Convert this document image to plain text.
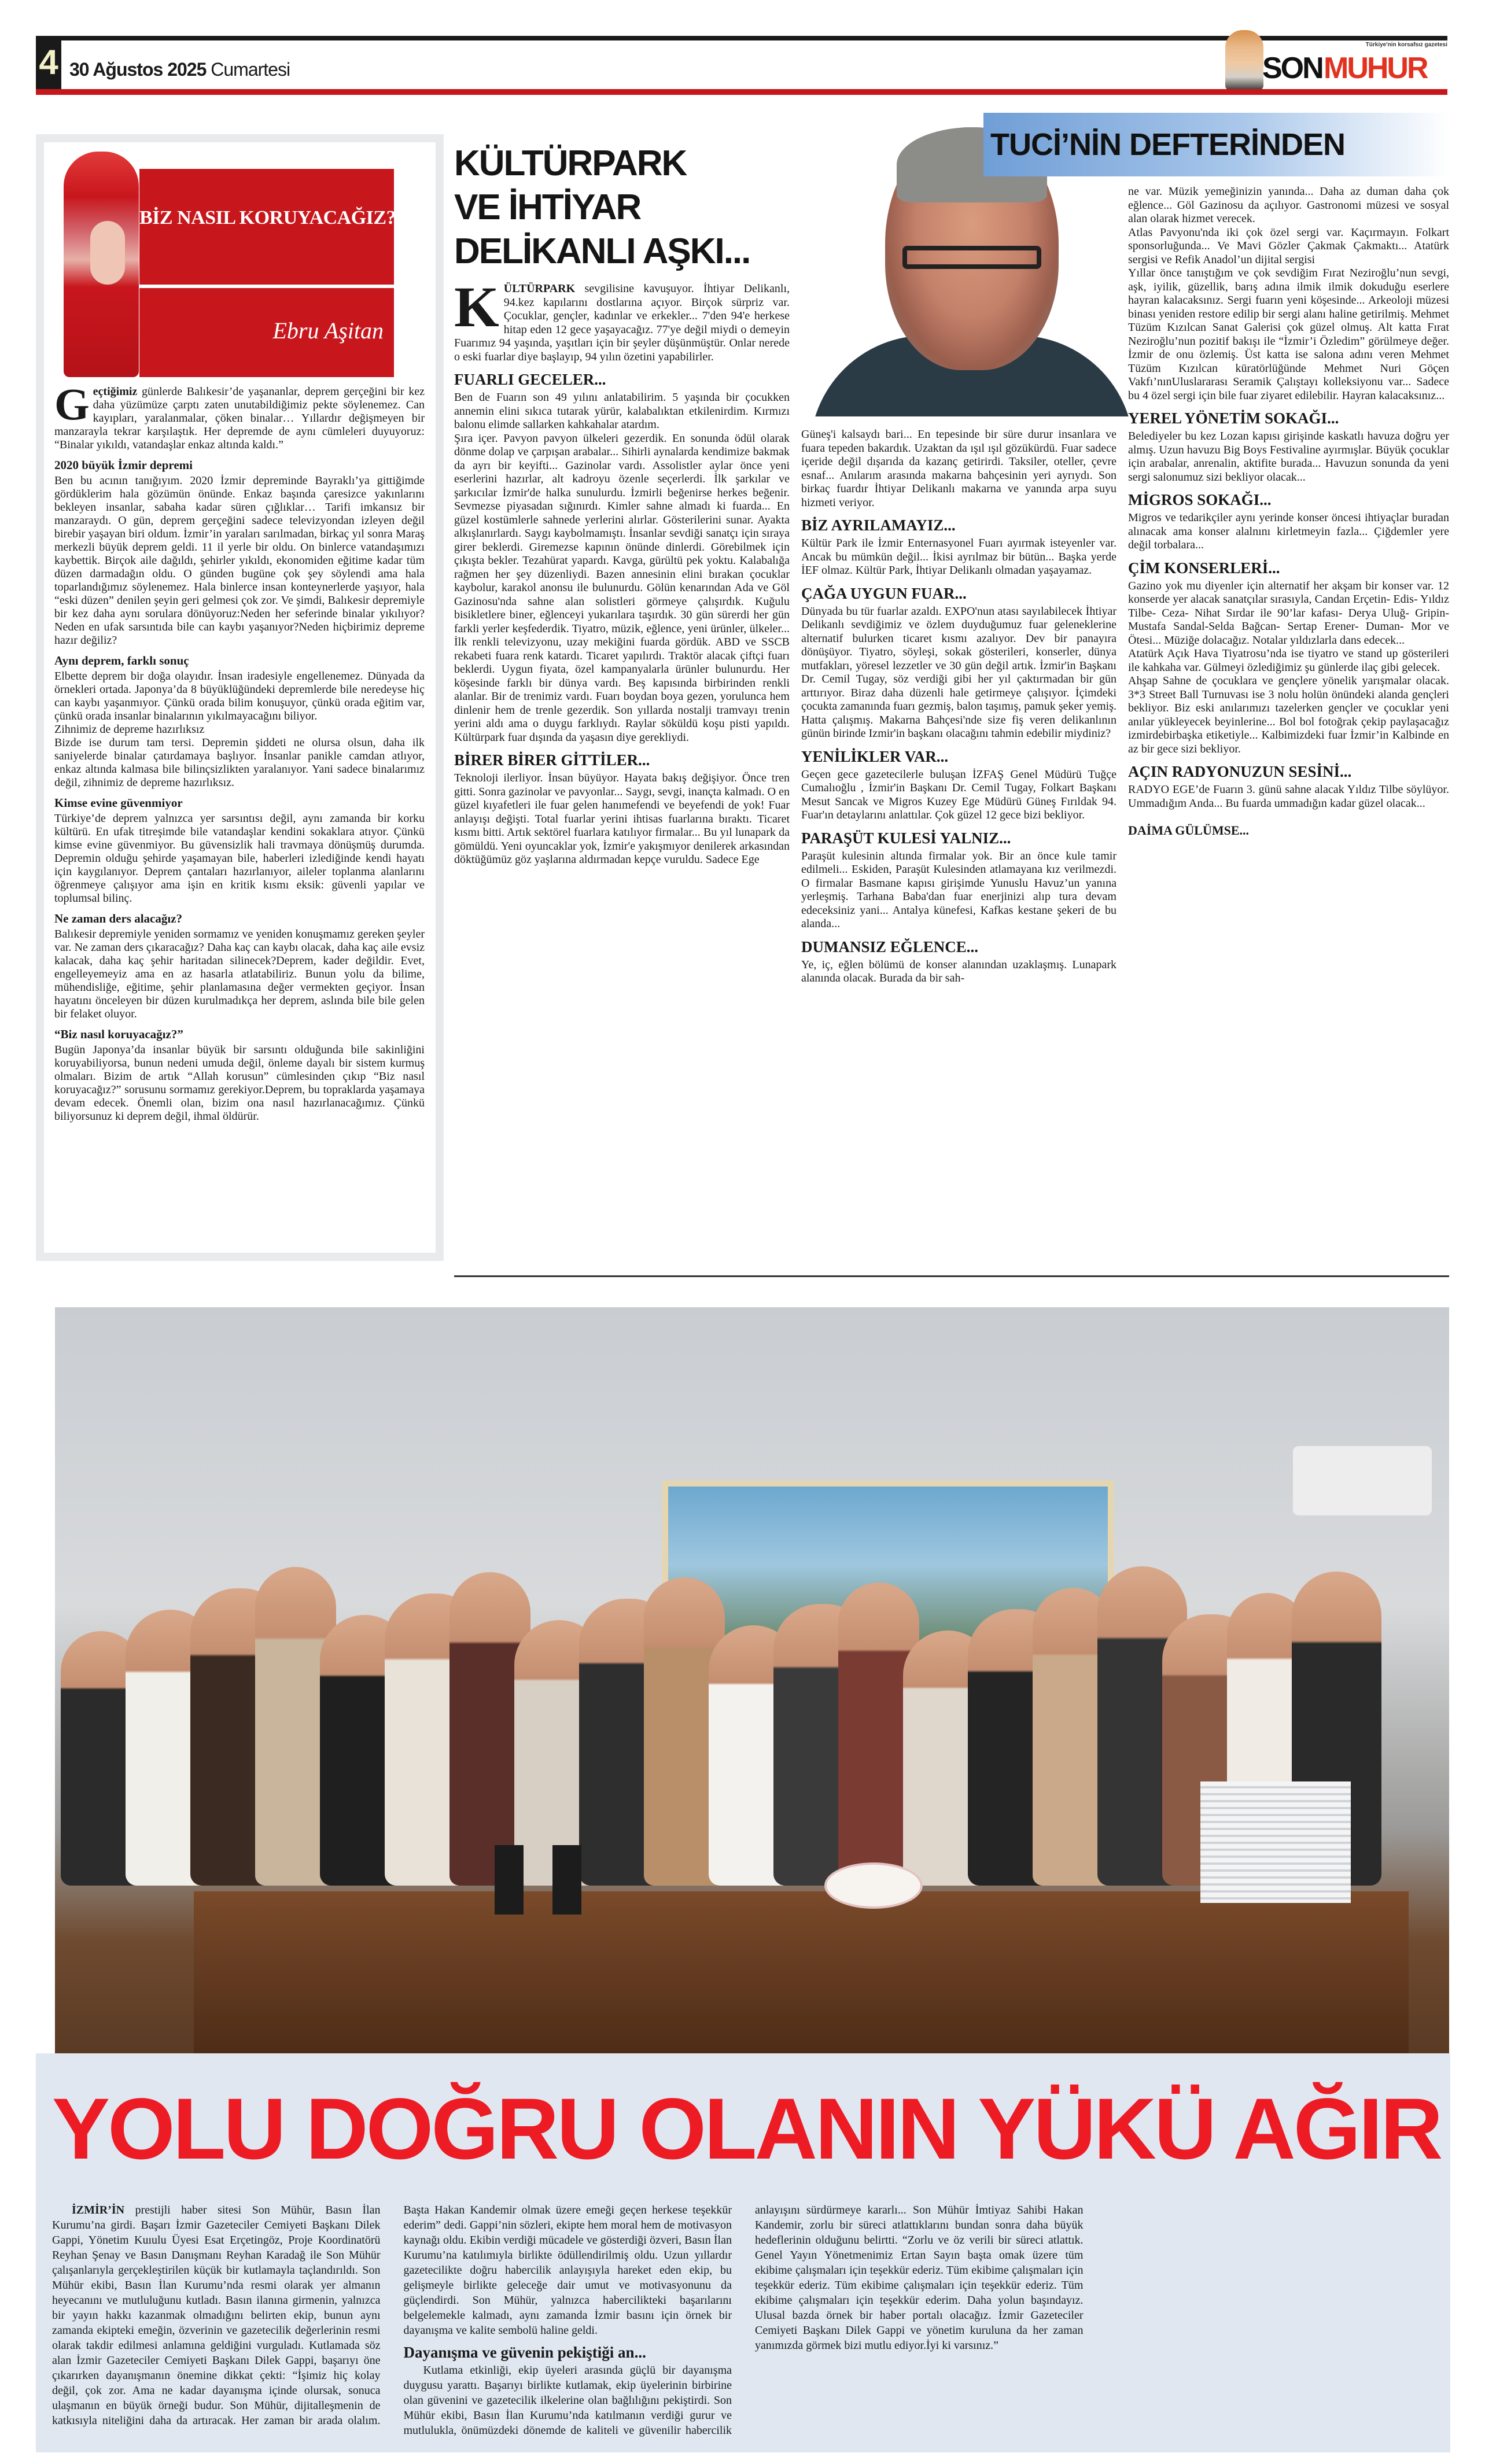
4 30 Ağustos 2025 Cumartesi
Türkiye'nin korsafsız gazetesi
SON MUHUR
BİZ NASIL KORUYACAĞIZ?
Ebru Aşitan

Geçtiğimiz günlerde Balıkesir’de yaşananlar, deprem gerçeğini bir kez daha yüzümüze çarptı zaten unutabildiğimiz pekte söylenemez. Can kayıpları, yaralanmalar, çöken binalar… Yıllardır değişmeyen bir manzarayla tekrar karşılaştık. Her depremde de aynı cümleleri duyuyoruz: “Binalar yıkıldı, vatandaşlar enkaz altında kaldı.”

2020 büyük İzmir depremi

Ben bu acının tanığıyım. 2020 İzmir depreminde Bayraklı’ya gittiğimde gördüklerim hala gözümün önünde. Enkaz başında çaresizce yakınlarını bekleyen insanlar, sabaha kadar süren çığlıklar… Tarifi imkansız bir manzaraydı. O gün, deprem gerçeğini sadece televizyondan izleyen değil birebir yaşayan biri oldum. İzmir’in yaraları sarılmadan, birkaç yıl sonra Maraş merkezli büyük deprem geldi. 11 il yerle bir oldu. On binlerce vatandaşımızı kaybettik. Birçok aile dağıldı, şehirler yıkıldı, ekonomiden eğitime kadar tüm düzen darmadağın oldu. O günden bugüne çok şey söylendi ama hala toparlandığımız söylenemez. Hala binlerce insan konteynerlerde yaşıyor, hala “eski düzen” denilen şeyin geri gelmesi çok zor. Ve şimdi, Balıkesir depremiyle bir kez daha aynı sorulara dönüyoruz:Neden her seferinde binalar yıkılıyor?Neden en ufak sarsıntıda bile can kaybı yaşanıyor?Neden hiçbirimiz depreme hazır değiliz?

Aynı deprem, farklı sonuç

Elbette deprem bir doğa olayıdır. İnsan iradesiyle engellenemez. Dünyada da örnekleri ortada. Japonya’da 8 büyüklüğündeki depremlerde bile neredeyse hiç can kaybı yaşanmıyor. Çünkü orada bilim konuşuyor, çünkü orada eğitim var, çünkü orada insanlar binalarının yıkılmayacağını biliyor.

Zihnimiz de depreme hazırlıksız

Bizde ise durum tam tersi. Depremin şiddeti ne olursa olsun, daha ilk saniyelerde binalar çatırdamaya başlıyor. İnsanlar panikle camdan atlıyor, enkaz altında kalmasa bile bilinçsizlikten yaralanıyor. Yani sadece binalarımız değil, zihnimiz de depreme hazırlıksız.

Kimse evine güvenmiyor

Türkiye’de deprem yalnızca yer sarsıntısı değil, aynı zamanda bir korku kültürü. En ufak titreşimde bile vatandaşlar kendini sokaklara atıyor. Çünkü kimse evine güvenmiyor. Bu güvensizlik hali travmaya dönüşmüş durumda. Depremin olduğu şehirde yaşamayan bile, haberleri izlediğinde kendi hayatı için kaygılanıyor. Deprem çantaları hazırlanıyor, aileler toplanma alanlarını öğrenmeye çalışıyor ama işin en kritik kısmı eksik: güvenli yapılar ve toplumsal bilinç.

Ne zaman ders alacağız?

Balıkesir depremiyle yeniden sormamız ve yeniden konuşmamız gereken şeyler var. Ne zaman ders çıkaracağız? Daha kaç can kaybı olacak, daha kaç aile evsiz kalacak, daha kaç şehir haritadan silinecek?Deprem, kader değildir. Evet, engelleyemeyiz ama en az hasarla atlatabiliriz. Bunun yolu da bilime, mühendisliğe, eğitime, şehir planlamasına değer vermekten geçiyor. İnsan hayatını önceleyen bir düzen kurulmadıkça her deprem, aslında bile bile gelen bir felaket oluyor.

“Biz nasıl koruyacağız?”

Bugün Japonya’da insanlar büyük bir sarsıntı olduğunda bile sakinliğini koruyabiliyorsa, bunun nedeni umuda değil, önleme dayalı bir sistem kurmuş olmaları. Bizim de artık “Allah korusun” cümlesinden çıkıp “Biz nasıl koruyacağız?” sorusunu sormamız gerekiyor.Deprem, bu topraklarda yaşamaya devam edecek. Önemli olan, bizim ona nasıl hazırlanacağımız. Çünkü biliyorsunuz ki deprem değil, ihmal öldürür.

KÜLTÜRPARK
VE İHTİYAR
DELİKANLI AŞKI...
TUCİ’NİN DEFTERİNDEN

KÜLTÜRPARK sevgilisine kavuşuyor. İhtiyar Delikanlı, 94.kez kapılarını dostlarına açıyor. Birçok sürpriz var. Çocuklar, gençler, kadınlar ve erkekler... 7'den 94'e herkese hitap eden 12 gece yaşayacağız. 77'ye değil miydi o demeyin Fuarımız 94 yaşında, yaşıtları için bir şeyler düşünmüştür. Onlar nerede o eski fuarlar diye başlayıp, 94 yılın özetini yapabilirler.

FUARLI GECELER...

Ben de Fuarın son 49 yılını anlatabilirim. 5 yaşında bir çocukken annemin elini sıkıca tutarak yürür, kalabalıktan etkilenirdim. Kırmızı balonu elimde sallarken kahkahalar atardım.

Şıra içer. Pavyon pavyon ülkeleri gezerdik. En sonunda ödül olarak dönme dolap ve çarpışan arabalar... Sihirli aynalarda kendimize bakmak da ayrı bir keyifti... Gazinolar vardı. Assolistler aylar önce yeni eserlerini hazırlar, alt kadroyu özenle seçerlerdi. İlk şarkılar ve şarkıcılar İzmir'de halka sunulurdu. İzmirli beğenirse herkes beğenir. Sevmezse piyasadan sığınırdı. Kimler sahne almadı ki fuarda... En güzel kostümlerle sahnede yerlerini alırlar. Gösterilerini sunar. Ayakta alkışlanırlardı. Saygı kaybolmamıştı. İnsanlar sevdiği sanatçı için sıraya girer beklerdi. Giremezse kapının önünde dinlerdi. Görebilmek için çıkışta bekler. Tezahürat yapardı. Kavga, gürültü pek yoktu. Kalabalığa rağmen her şey düzenliydi. Bazen annesinin elini bırakan çocuklar kaybolur, karakol anonsu ile bulunurdu. Gölün kenarından Ada ve Göl Gazinosu'nda sahne alan solistleri görmeye çalışırdık. Kuğulu bisikletlere biner, eğlenceyi yukarılara taşırdık. 30 gün sürerdi her gün farkli yerler keşfederdik. Tiyatro, müzik, eğlence, yeni ürünler, ülkeler... İlk renkli televizyonu, uzay mekiğini fuarda gördük. ABD ve SSCB rekabeti fuara renk katardı. Ticaret yapılırdı. Traktör alacak çiftçi fuarı beklerdi. Uygun fiyata, özel kampanyalarla ürünler bulunurdu. Her köşesinde farklı bir dünya vardı. Beş kapısında birbirinden renkli alanlar. Bir de trenimiz vardı. Fuarı boydan boya gezen, yorulunca hem dinlenir hem de trenle gezerdik. Son yıllarda nostalji tramvayı trenin yerini aldı ama o duygu farklıydı. Raylar söküldü koşu pisti yapıldı. Kültürpark fuar dışında da yaşasın diye gerekliydi.

BİRER BİRER GİTTİLER...

Teknoloji ilerliyor. İnsan büyüyor. Hayata bakış değişiyor. Önce tren gitti. Sonra gazinolar ve pavyonlar... Saygı, sevgi, inançta kalmadı. O en güzel kıyafetleri ile fuar gelen hanımefendi ve beyefendi de yok! Fuar anlayışı değişti. Total fuarlar yerini ihtisas fuarlarına bıraktı. Ticaret kısmı bitti. Artık sektörel fuarlara katılıyor firmalar... Bu yıl lunapark da gömüldü. Yeni oyuncaklar yok, İzmir'e yakışmıyor denilerek arkasından döktüğümüz göz yaşlarına aldırmadan kepçe vuruldu. Sadece Ege

Güneş'i kalsaydı bari... En tepesinde bir süre durur insanlara ve fuara tepeden bakardık. Uzaktan da ışıl ışıl gözükürdü. Fuar sadece içeride değil dışarıda da kazanç getirirdi. Taksiler, oteller, çevre esnaf... Anılarım arasında makarna bahçesinin yeri ayrıydı. Son birkaç fuardır İhtiyar Delikanlı makarna ve yanında arpa suyu hizmeti veriyor.

BİZ AYRILAMAYIZ...

Kültür Park ile İzmir Enternasyonel Fuarı ayırmak isteyenler var. Ancak bu mümkün değil... İkisi ayrılmaz bir bütün... Başka yerde İEF olmaz. Kültür Park, İhtiyar Delikanlı olmadan yaşayamaz.

ÇAĞA UYGUN FUAR...

Dünyada bu tür fuarlar azaldı. EXPO'nun atası sayılabilecek İhtiyar Delikanlı sevdiğimiz ve özlem duyduğumuz fuar geleneklerine alternatif bulurken ticaret kısmı azalıyor. Dev bir panayıra dönüşüyor. Tiyatro, söyleşi, sokak gösterileri, konserler, dünya mutfakları, yöresel lezzetler ve 30 gün değil artık. İzmir'in Başkanı Dr. Cemil Tugay, söz verdiği gibi her yıl çaktırmadan bir gün arttırıyor. Biraz daha düzenli hale getirmeye çalışıyor. İçimdeki çocukta zamanında fuarı gezmiş, balon taşımış, pamuk şeker yemiş. Hatta çalışmış. Makarna Bahçesi'nde size fiş veren delikanlının günün birinde Izmir'in başkanı olacağını tahmin edebilir miydiniz?

YENİLİKLER VAR...

Geçen gece gazetecilerle buluşan İZFAŞ Genel Müdürü Tuğçe Cumalıoğlu , İzmir'in Başkanı Dr. Cemil Tugay, Folkart Başkanı Mesut Sancak ve Migros Kuzey Ege Müdürü Güneş Fırıldak 94. Fuar'ın detaylarını anlattılar. Çok güzel 12 gece bizi bekliyor.

PARAŞÜT KULESİ YALNIZ...

Paraşüt kulesinin altında firmalar yok. Bir an önce kule tamir edilmeli... Eskiden, Paraşüt Kulesinden atlamayana kız verilmezdi. O firmalar Basmane kapısı girişimde Yunuslu Havuz’un yanına yerleşmiş. Tarhana Baba'dan fuar enerjinizi alıp tura devam edeceksiniz yani... Antalya künefesi, Kafkas kestane şekeri de bu alanda...

DUMANSIZ EĞLENCE...

Ye, iç, eğlen bölümü de konser alanından uzaklaşmış. Lunapark alanında olacak. Burada da bir sah-

ne var. Müzik yemeğinizin yanında... Daha az duman daha çok eğlence... Göl Gazinosu da açılıyor. Gastronomi müzesi ve sosyal alan olarak hizmet verecek.

Atlas Pavyonu'nda iki çok özel sergi var. Kaçırmayın. Folkart sponsorluğunda... Ve Mavi Gözler Çakmak Çakmaktı... Atatürk sergisi ve Refik Anadol’un dijital sergisi

Yıllar önce tanıştığım ve çok sevdiğim Fırat Neziroğlu’nun sevgi, aşk, iyilik, güzellik, barış adına ilmik ilmik dokuduğu eserlere hayran kalacaksınız. Sergi fuarın yeni köşesinde... Arkeoloji müzesi binası yeniden restore edilip bir sergi alanı haline getirilmiş. Mehmet Tüzüm Kızılcan Sanat Galerisi çok güzel olmuş. Alt katta Fırat Neziroğlu’nun pozitif bakışı ile “İzmir’i Özledim” görülmeye değer. İzmir de onu özlemiş. Üst katta ise salona adını veren Mehmet Tüzüm Kızılcan küratörlüğünde Mehmet Nuri Göçen Vakfı’nınUluslararası Seramik Çalıştayı kolleksiyonu var... Sadece bu 4 özel sergi için bile fuar ziyaret edilebilir. Hayran kalacaksınız...

YEREL YÖNETİM SOKAĞI...

Belediyeler bu kez Lozan kapısı girişinde kaskatlı havuza doğru yer almış. Uzun havuzu Big Boys Festivaline ayırmışlar. Büyük çocuklar için arabalar, anrenalin, aktifite burada... Havuzun sonunda da yeni sergi salonumuz sizi bekliyor olacak...

MİGROS SOKAĞI...

Migros ve tedarikçiler aynı yerinde konser öncesi ihtiyaçlar buradan alınacak ama konser alalnını kirletmeyin fazla... Çiğdemler yere değil torbalara...

ÇİM KONSERLERİ...

Gazino yok mu diyenler için alternatif her akşam bir konser var. 12 konserde yer alacak sanatçılar sırasıyla, Candan Erçetin- Edis- Yıldız Tilbe- Ceza- Nihat Sırdar ile 90’lar kafası- Derya Uluğ- Gripin- Mustafa Sandal-Selda Bağcan- Sertap Erener- Duman- Mor ve Ötesi... Müziğe dolacağız. Notalar yıldızlarla dans edecek...

Atatürk Açık Hava Tiyatrosu’nda ise tiyatro ve stand up gösterileri ile kahkaha var. Gülmeyi özlediğimiz şu günlerde ilaç gibi gelecek.

Ahşap Sahne de çocuklara ve gençlere yönelik yarışmalar olacak. 3*3 Street Ball Turnuvası ise 3 nolu holün önündeki alanda gençleri bekliyor. Biz eski anılarımızı tazelerken gençler ve çocuklar yeni anılar yükleyecek beyinlerine... Bol bol fotoğrak çekip paylaşacağız izmirdebirbaşka etiketiyle... Kalbimizdeki fuar İzmir’in Kalbinde en az bir gece sizi bekliyor.

AÇIN RADYONUZUN SESİNİ...

RADYO EGE’de Fuarın 3. günü sahne alacak Yıldız Tilbe söylüyor. Ummadığım Anda... Bu fuarda ummadığın kadar güzel olacak...

DAİMA GÜLÜMSE...
YOLU DOĞRU OLANIN YÜKÜ AĞIR

İZMİR’İN prestijli haber sitesi Son Mühür, Basın İlan Kurumu’na girdi. Başarı İzmir Gazeteciler Cemiyeti Başkanı Dilek Gappi, Yönetim Kuıulu Üyesi Esat Erçetingöz, Proje Koordinatörü Reyhan Şenay ve Basın Danışmanı Reyhan Karadağ ile Son Mühür çalışanlarıyla gerçekleştirilen küçük bir kutlamayla taçlandırıldı. Son Mühür ekibi, Basın İlan Kurumu’nda resmi olarak yer almanın heyecanını ve mutluluğunu kutladı. Basın ilanına girmenin, yalnızca bir yayın hakkı kazanmak olmadığını belirten ekip, bunun aynı zamanda ekipteki emeğin, özverinin ve gazetecilik değerlerinin resmi olarak takdir edilmesi anlamına geldiğini vurguladı. Kutlamada söz alan İzmir Gazeteciler Cemiyeti Başkanı Dilek Gappi, başarıyı öne çıkarırken dayanışmanın önemine dikkat çekti: “İşimiz hiç kolay değil, çok zor. Ama ne kadar dayanışma içinde olursak, sonuca ulaşmanın en büyük örneği budur. Son Mühür, dijitalleşmenin de katkısıyla niteliğini daha da artıracak. Her zaman bir arada olalım. Başta Hakan Kandemir olmak üzere emeği geçen herkese teşekkür ederim” dedi. Gappi’nin sözleri, ekipte hem moral hem de motivasyon kaynağı oldu. Ekibin verdiği mücadele ve gösterdiği özveri, Basın İlan Kurumu’na katılımıyla birlikte ödüllendirilmiş oldu. Uzun yıllardır gazetecilikte doğru habercilik anlayışıyla hareket eden ekip, bu gelişmeyle birlikte geleceğe dair umut ve motivasyonunu da güçlendirdi. Son Mühür, yalnızca habercilikteki başarılarını belgelemekle kalmadı, aynı zamanda İzmir basını için örnek bir dayanışma ve kalite sembolü haline geldi.

Dayanışma ve güvenin pekiştiği an...

Kutlama etkinliği, ekip üyeleri arasında güçlü bir dayanışma duygusu yarattı. Başarıyı birlikte kutlamak, ekip üyelerinin birbirine olan güvenini ve gazetecilik ilkelerine olan bağlılığını pekiştirdi. Son Mühür ekibi, Basın İlan Kurumu’nda katılmanın verdiği gurur ve mutlulukla, önümüzdeki dönemde de kaliteli ve güvenilir habercilik anlayışını sürdürmeye kararlı... Son Mühür İmtiyaz Sahibi Hakan Kandemir, zorlu bir süreci atlattıklarını bundan sonra daha büyük hedeflerinin olduğunu belirtti. “Zorlu ve öz verili bir süreci atlattık. Genel Yayın Yönetmenimiz Ertan Sayın başta omak üzere tüm ekibime çalışmaları için teşekkür ederiz. Tüm ekibime çalışmaları için teşekkür ederiz. Tüm ekibime çalışmaları için teşekkür ederiz. Tüm ekibime çalışmaları için teşekkür ederim. Daha yolun başındayız. Ulusal bazda örnek bir haber portalı olacağız. İzmir Gazeteciler Cemiyeti Başkanı Dilek Gappi ve yönetim kuruluna da her zaman yanımızda görmek bizi mutlu ediyor.İyi ki varsınız.”
